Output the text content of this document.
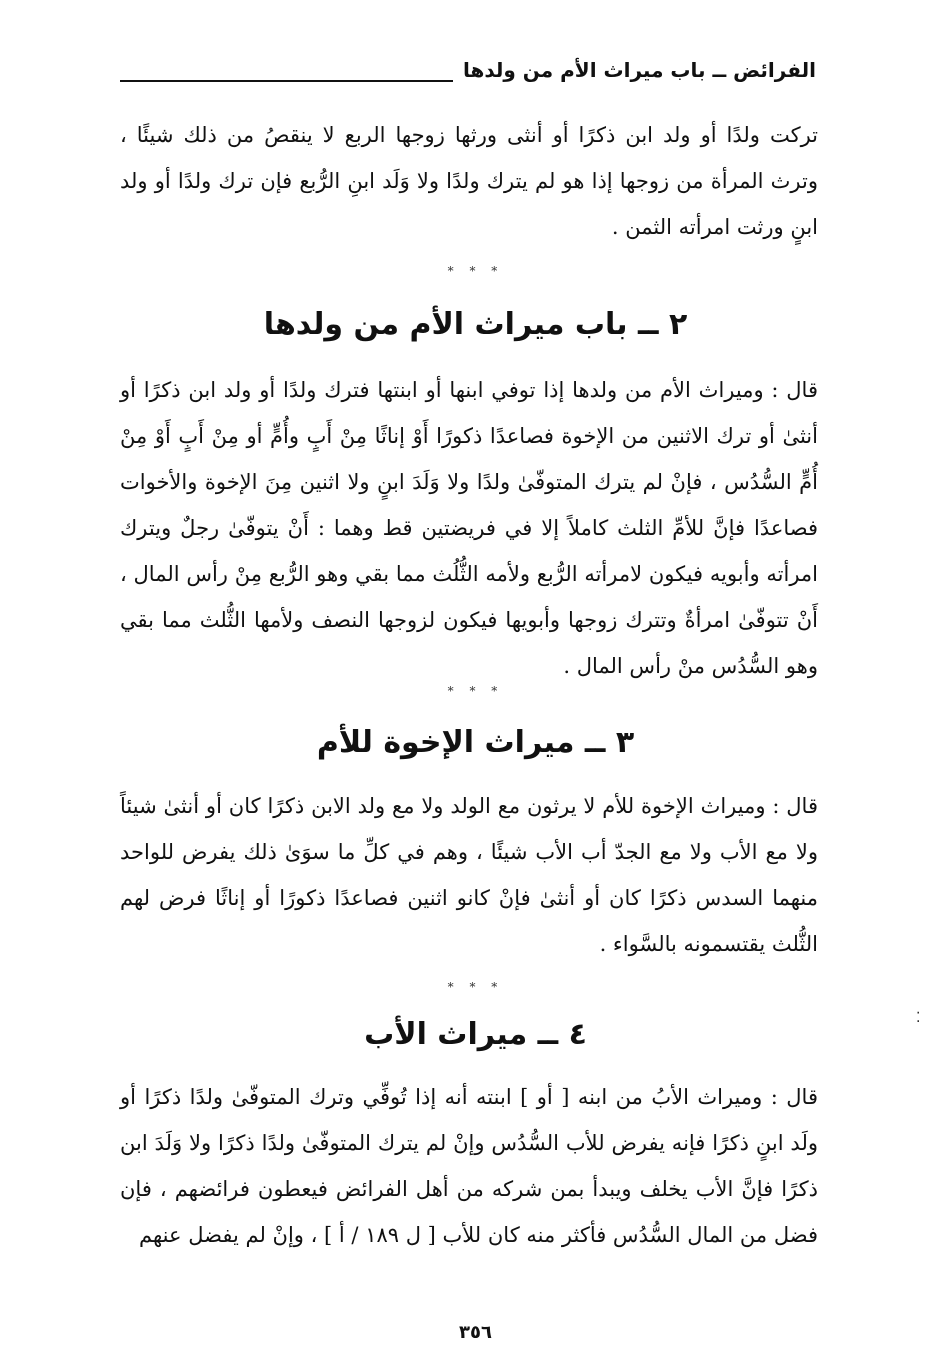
الفرائض ــ باب ميراث الأم من ولدها

تركت ولدًا أو ولد ابن ذكرًا أو أنثى ورثها زوجها الربع لا ينقصُ من ذلك شيئًا ، وترث المرأة من زوجها إذا هو لم يترك ولدًا ولا وَلَد ابنِ الرُّبع فإن ترك ولدًا أو ولد ابنٍ ورثت امرأته الثمن .

* * *
٢ ــ باب ميراث الأم من ولدها

قال : وميراث الأم من ولدها إذا توفي ابنها أو ابنتها فترك ولدًا أو ولد ابن ذكرًا أو أنثىٰ أو ترك الاثنين من الإخوة فصاعدًا ذكورًا أَوْ إناثًا مِنْ أَبٍ وأُمٍّ أو مِنْ أَبٍ أَوْ مِنْ أُمٍّ السُّدُس ، فإنْ لم يترك المتوفّىٰ ولدًا ولا وَلَدَ ابنٍ ولا اثنين مِنَ الإخوة والأخوات فصاعدًا فإنَّ للأمِّ الثلث كاملاً إلا في فريضتين قط وهما : أَنْ يتوفّىٰ رجلٌ ويترك امرأته وأبويه فيكون لامرأته الرُّبع ولأمه الثُّلُث مما بقي وهو الرُّبع مِنْ رأس المال ، أَنْ تتوفّىٰ امرأةٌ وتترك زوجها وأبويها فيكون لزوجها النصف ولأمها الثُّلث مما بقي وهو السُّدُس منْ رأس المال .

* * *
٣ ــ ميراث الإخوة للأم

قال : وميراث الإخوة للأم لا يرثون مع الولد ولا مع ولد الابن ذكرًا كان أو أنثىٰ شيئاً ولا مع الأب ولا مع الجدّ أب الأب شيئًا ، وهم في كلِّ ما سوَىٰ ذلك يفرض للواحد منهما السدس ذكرًا كان أو أنثىٰ فإنْ كانو اثنين فصاعدًا ذكورًا أو إناثًا فرض لهم الثُّلث يقتسمونه بالسَّواء .

* * *
٤ ــ ميراث الأب

قال : وميراث الأبُ من ابنه [ أو ] ابنته أنه إذا تُوفِّي وترك المتوفّىٰ ولدًا ذكرًا أو ولَد ابنٍ ذكرًا فإنه يفرض للأب السُّدُس وإنْ لم يترك المتوفّىٰ ولدًا ذكرًا ولا وَلَدَ ابن ذكرًا فإنَّ الأب يخلف ويبدأ بمن شركه من أهل الفرائض فيعطون فرائضهم ، فإن فضل من المال السُّدُس فأكثر منه كان للأب [ ل ١٨٩ / أ ] ، وإنْ لم يفضل عنهم

⁚
٣٥٦
